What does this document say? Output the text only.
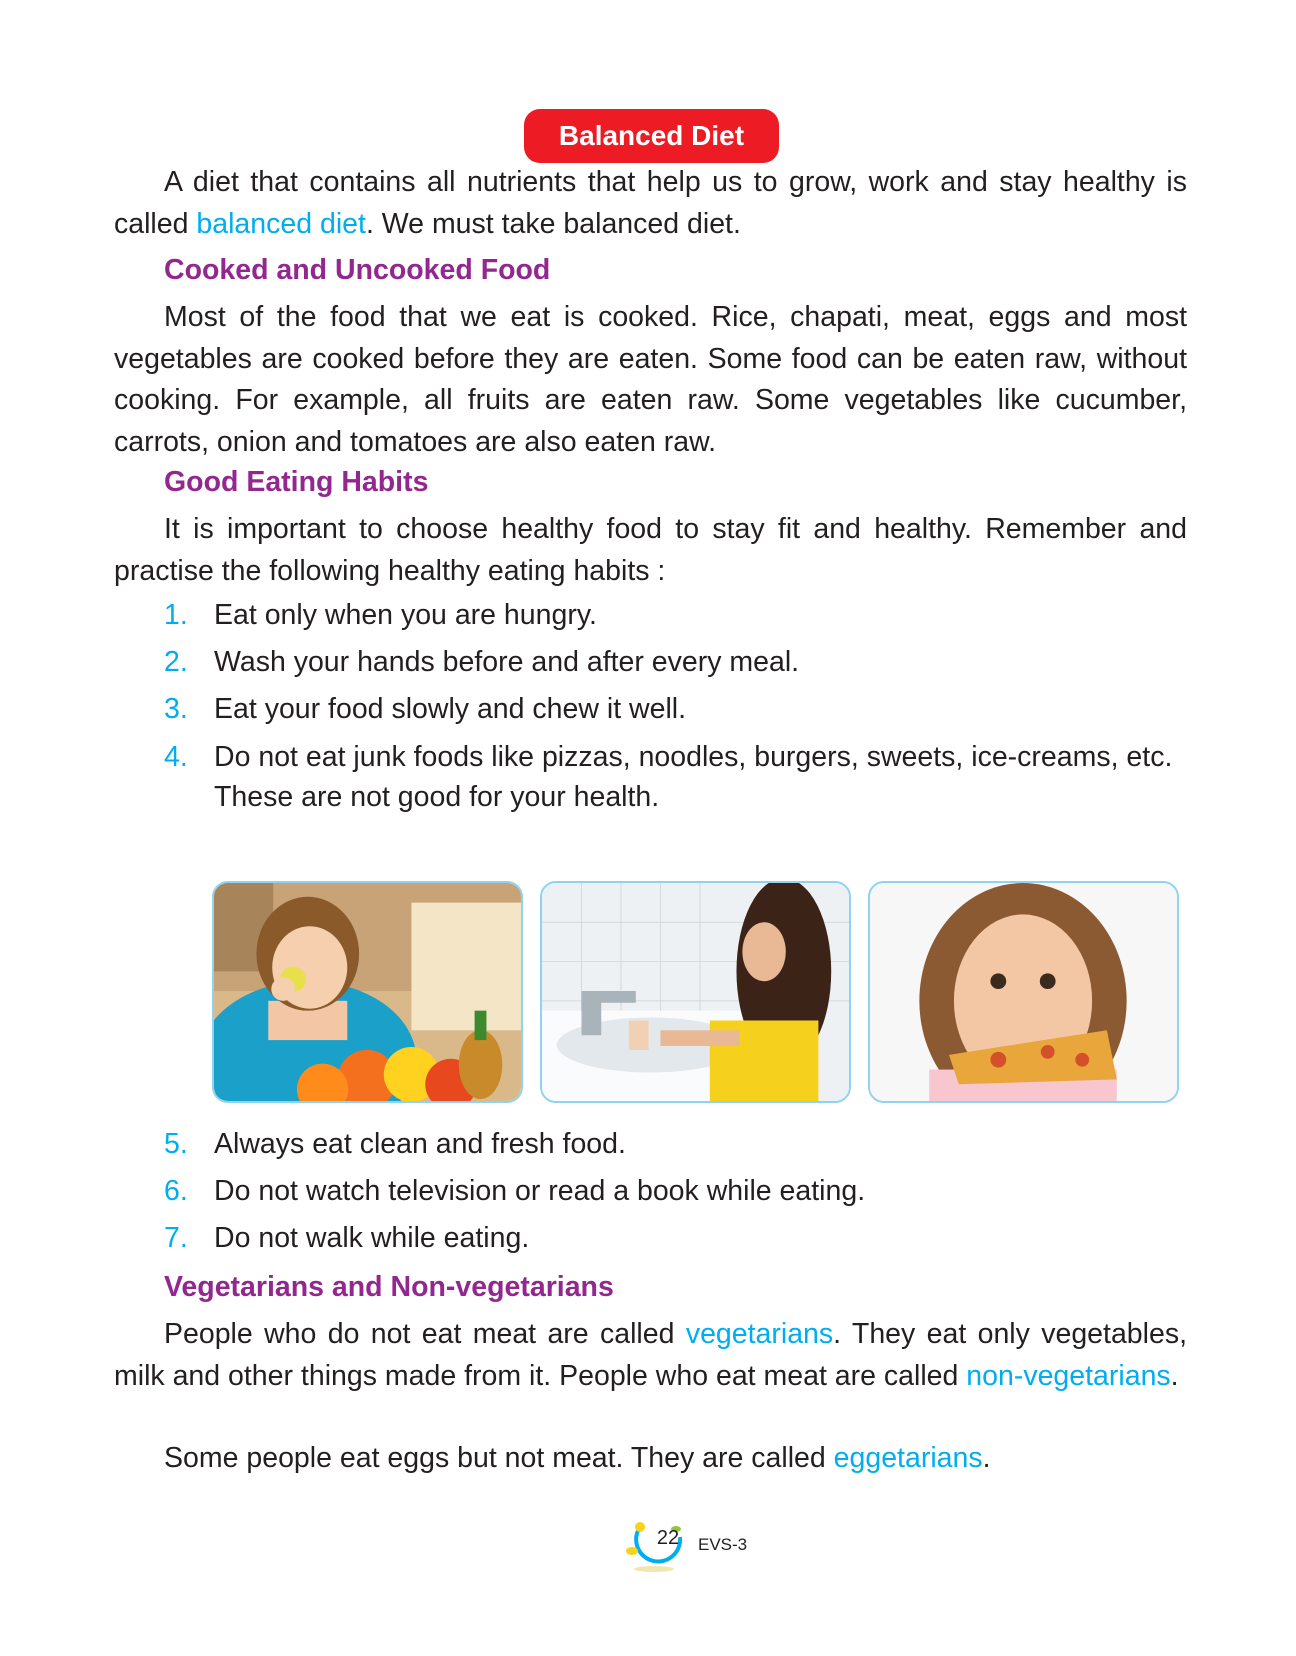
Balanced Diet

A diet that contains all nutrients that help us to grow, work and stay healthy is called balanced diet. We must take balanced diet.

Cooked and Uncooked Food

Most of the food that we eat is cooked. Rice, chapati, meat, eggs and most vegetables are cooked before they are eaten. Some food can be eaten raw, without cooking. For example, all fruits are eaten raw. Some vegetables like cucumber, carrots, onion and tomatoes are also eaten raw.

Good Eating Habits

It is important to choose healthy food to stay fit and healthy. Remember and practise the following healthy eating habits :

1. Eat only when you are hungry.
2. Wash your hands before and after every meal.
3. Eat your food slowly and chew it well.
4. Do not eat junk foods like pizzas, noodles, burgers, sweets, ice-creams, etc. These are not good for your health.
5. Always eat clean and fresh food.
6. Do not watch television or read a book while eating.
7. Do not walk while eating.
Vegetarians and Non-vegetarians

People who do not eat meat are called vegetarians. They eat only vegetables, milk and other things made from it. People who eat meat are called non-vegetarians.

Some people eat eggs but not meat. They are called eggetarians.

22	EVS-3
